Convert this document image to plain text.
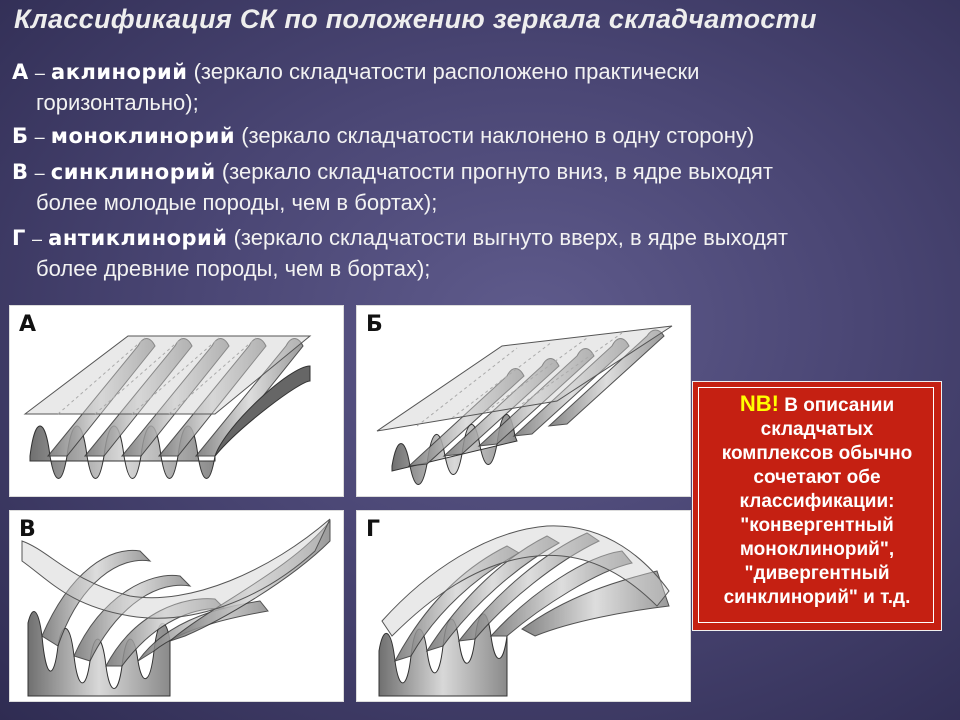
Классификация СК по положению зеркала складчатости
А – аклинорий (зеркало складчатости расположено практически
горизонтально);
Б – моноклинорий (зеркало складчатости наклонено в одну сторону)
В – синклинорий (зеркало складчатости прогнуто вниз, в ядре выходят
более молодые породы, чем в бортах);
Г – антиклинорий (зеркало складчатости выгнуто вверх, в ядре выходят
более древние породы, чем в бортах);
А	Б
В	Г
NB! В описании
складчатых
комплексов обычно
сочетают обе
классификации:
"конвергентный
моноклинорий",
"дивергентный
синклинорий" и т.д.
